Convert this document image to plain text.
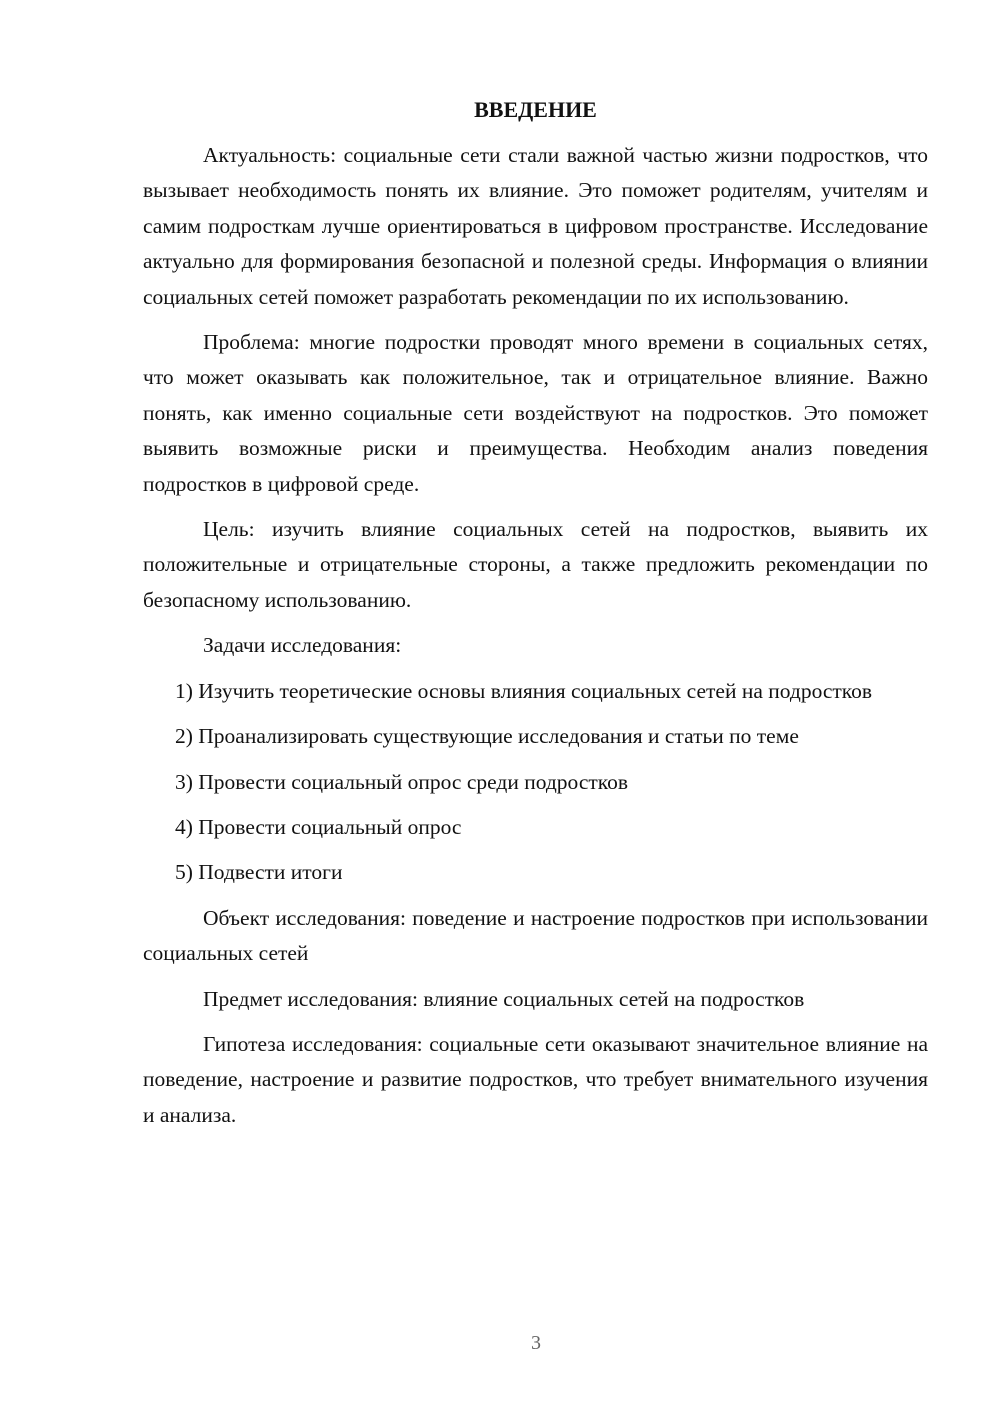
ВВЕДЕНИЕ

Актуальность: социальные сети стали важной частью жизни подростков, что вызывает необходимость понять их влияние. Это поможет родителям, учителям и самим подросткам лучше ориентироваться в цифровом пространстве. Исследование актуально для формирования безопасной и полезной среды. Информация о влиянии социальных сетей поможет разработать рекомендации по их использованию.

Проблема: многие подростки проводят много времени в социальных сетях, что может оказывать как положительное, так и отрицательное влияние. Важно понять, как именно социальные сети воздействуют на подростков. Это поможет выявить возможные риски и преимущества. Необходим анализ поведения подростков в цифровой среде.

Цель: изучить влияние социальных сетей на подростков, выявить их положительные и отрицательные стороны, а также предложить рекомендации по безопасному использованию.

Задачи исследования:

1) Изучить теоретические основы влияния социальных сетей на подростков

2) Проанализировать существующие исследования и статьи по теме

3) Провести социальный опрос среди подростков

4) Провести социальный опрос

5) Подвести итоги

Объект исследования: поведение и настроение подростков при использовании социальных сетей

Предмет исследования: влияние социальных сетей на подростков

Гипотеза исследования: социальные сети оказывают значительное влияние на поведение, настроение и развитие подростков, что требует внимательного изучения и анализа.

3
